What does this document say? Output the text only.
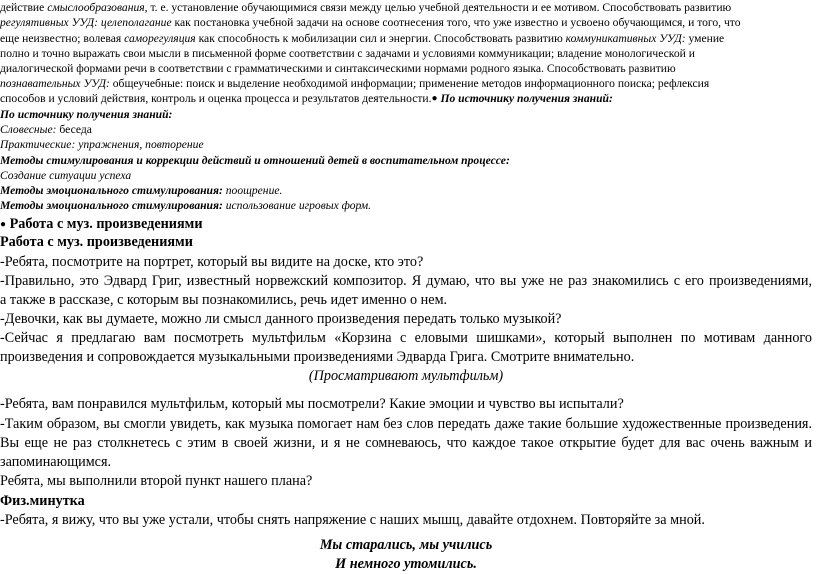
действие смыслообразования, т. е. установление обучающимися связи между целью учебной деятельности и ее мотивом. Способствовать развитию
регулятивных УУД: целеполагание как постановка учебной задачи на основе соотнесения того, что уже известно и усвоено обучающимся, и того, что
еще неизвестно; волевая саморегуляция как способность к мобилизации сил и энергии. Способствовать развитию коммуникативных УУД: умение
полно и точно выражать свои мысли в письменной форме соответствии с задачами и условиями коммуникации; владение монологической и
диалогической формами речи в соответствии с грамматическими и синтаксическими нормами родного языка. Способствовать развитию
познавательных УУД: общеучебные: поиск и выделение необходимой информации; применение методов информационного поиска; рефлексия
способов и условий действия, контроль и оценка процесса и результатов деятельности.● По источнику получения знаний:
По источнику получения знаний:
Словесные: беседа
Практические: упражнения, повторение
Методы стимулирования и коррекции действий и отношений детей в воспитательном процессе:
Создание ситуации успеха
Методы эмоционального стимулирования: поощрение.
Методы эмоционального стимулирования: использование игровых форм.
● Работа с муз. произведениями
Работа с муз. произведениями
-Ребята, посмотрите на портрет, который вы видите на доске, кто это?
-Правильно, это Эдвард Григ, известный норвежский композитор. Я думаю, что вы уже не раз знакомились с его произведениями,
а также в рассказе, с которым вы познакомились, речь идет именно о нем.
-Девочки, как вы думаете, можно ли смысл данного произведения передать только музыкой?
-Сейчас я предлагаю вам посмотреть мультфильм «Корзина с еловыми шишками», который выполнен по мотивам данного
произведения и сопровождается музыкальными произведениями Эдварда Грига. Смотрите внимательно.
(Просматривают мультфильм)
-Ребята, вам понравился мультфильм, который мы посмотрели? Какие эмоции и чувство вы испытали?
-Таким образом, вы смогли увидеть, как музыка помогает нам без слов передать даже такие большие художественные произведения.
Вы еще не раз столкнетесь с этим в своей жизни, и я не сомневаюсь, что каждое такое открытие будет для вас очень важным и
запоминающимся.
Ребята, мы выполнили второй пункт нашего плана?
Физ.минутка
-Ребята, я вижу, что вы уже устали, чтобы снять напряжение с наших мышц, давайте отдохнем. Повторяйте за мной.
Мы старались, мы учились
И немного утомились.
